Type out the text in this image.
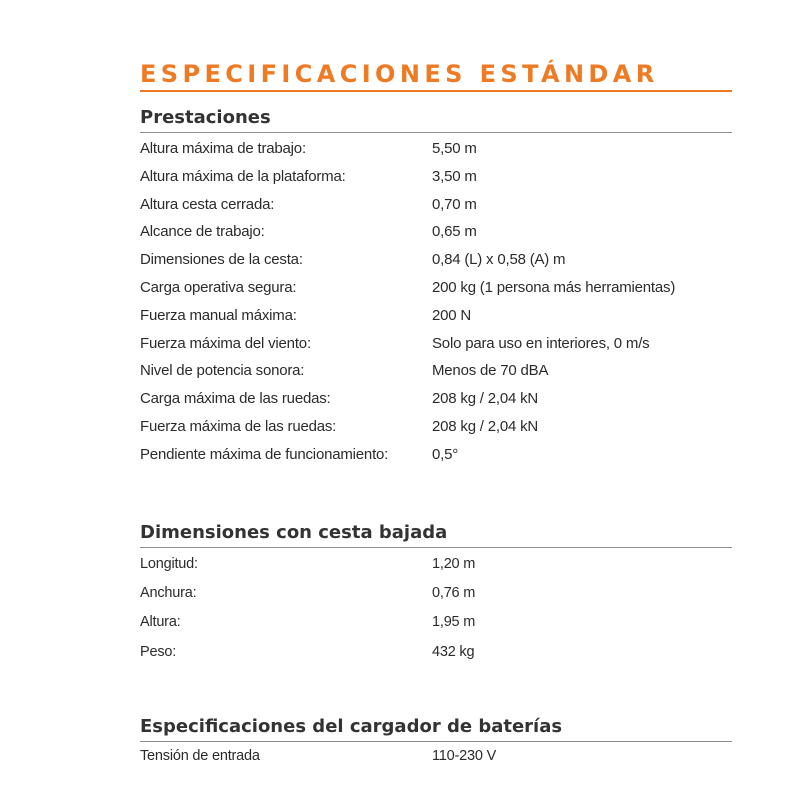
ESPECIFICACIONES ESTÁNDAR
Prestaciones
Altura máxima de trabajo:	5,50 m
Altura máxima de la plataforma:	3,50 m
Altura cesta cerrada:	0,70 m
Alcance de trabajo:	0,65 m
Dimensiones de la cesta:	0,84 (L) x 0,58 (A) m
Carga operativa segura:	200 kg (1 persona más herramientas)
Fuerza manual máxima:	200 N
Fuerza máxima del viento:	Solo para uso en interiores, 0 m/s
Nivel de potencia sonora:	Menos de 70 dBA
Carga máxima de las ruedas:	208 kg / 2,04 kN
Fuerza máxima de las ruedas:	208 kg / 2,04 kN
Pendiente máxima de funcionamiento:	0,5°
Dimensiones con cesta bajada
Longitud:	1,20 m
Anchura:	0,76 m
Altura:	1,95 m
Peso:	432 kg
Especificaciones del cargador de baterías
Tensión de entrada	110-230 V
